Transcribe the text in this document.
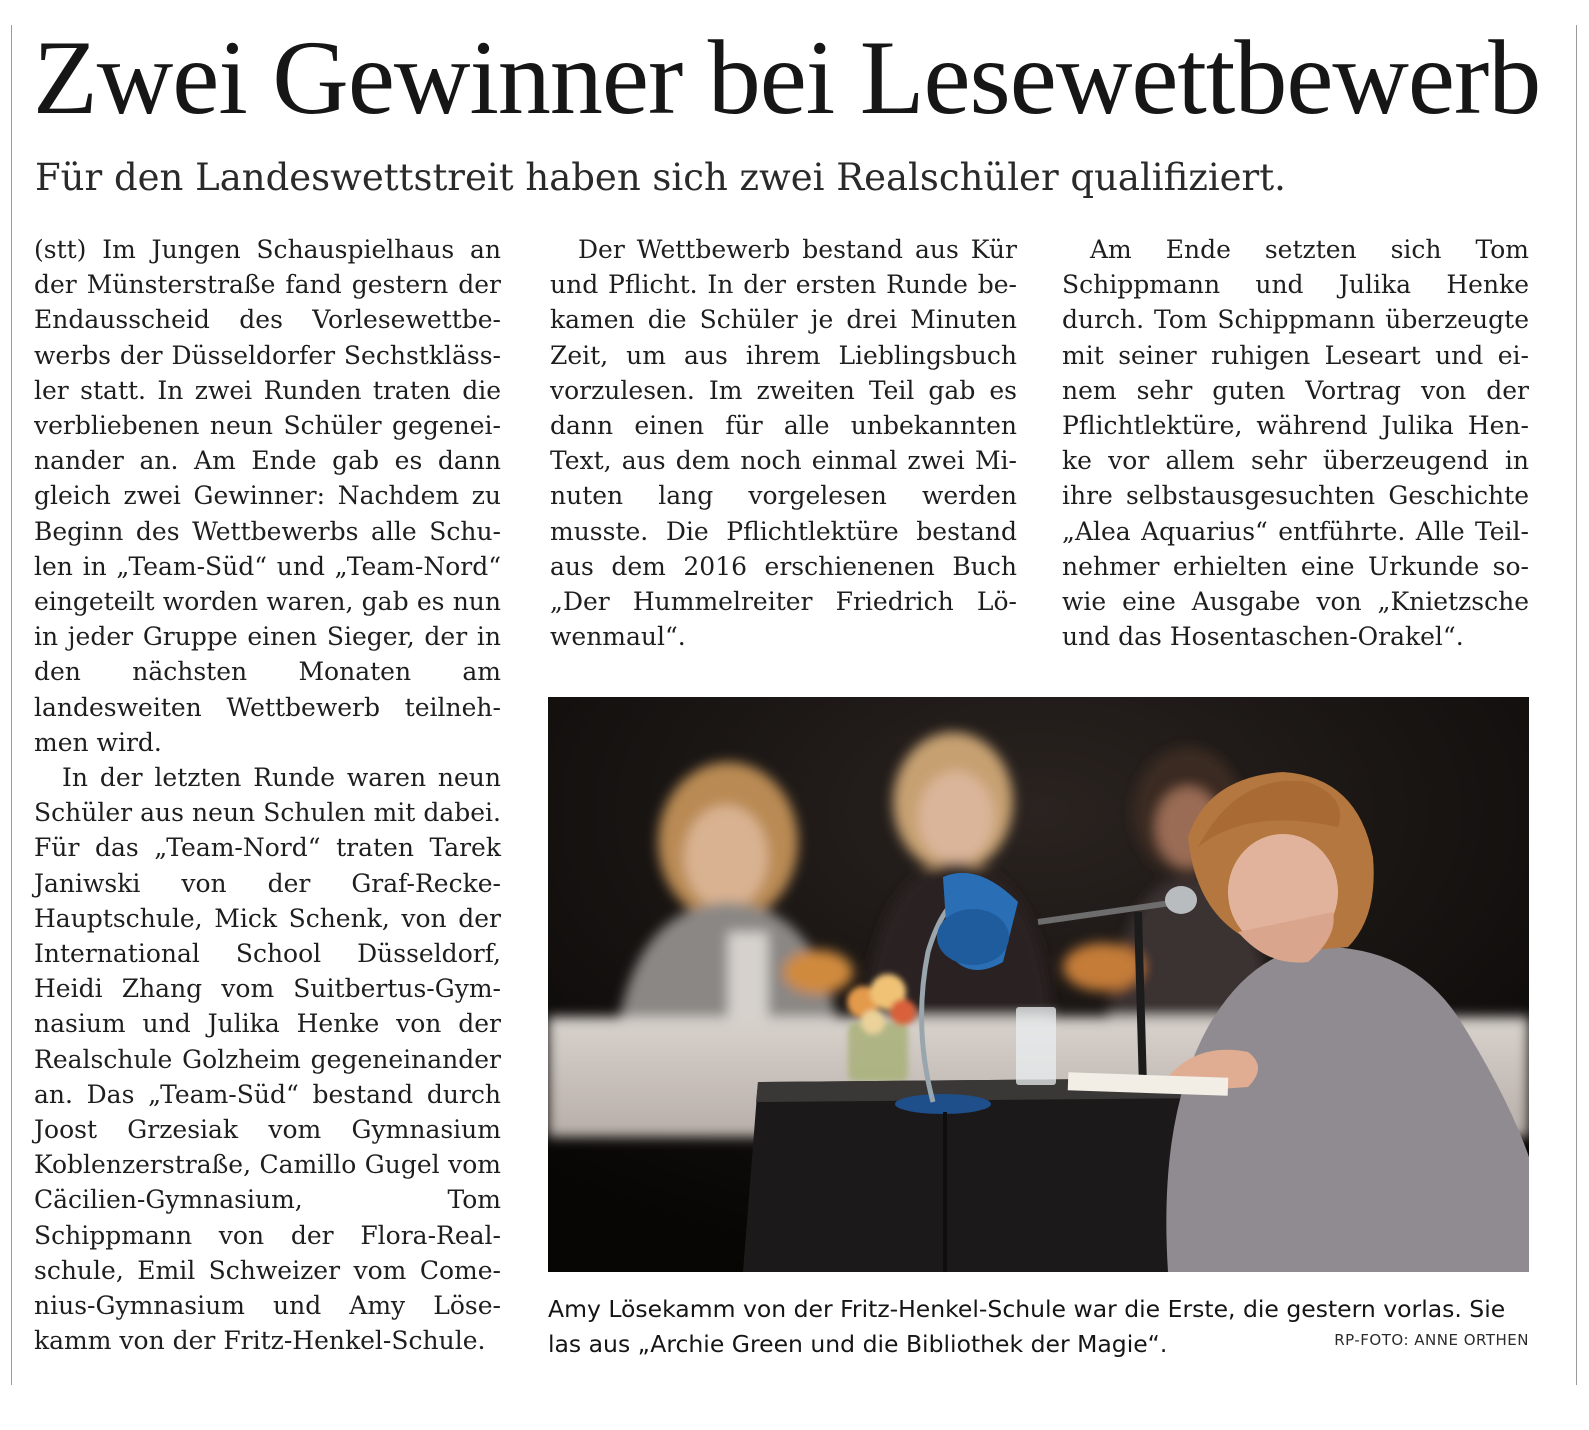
Zwei Gewinner bei Lesewettbewerb
Für den Landeswettstreit haben sich zwei Realschüler qualifiziert.

(stt) Im Jungen Schauspielhaus an der Münsterstraße fand gestern der Endausscheid des Vorlesewettbewerbs der Düsseldorfer Sechstklässler statt. In zwei Runden traten die verbliebenen neun Schüler gegeneinander an. Am Ende gab es dann gleich zwei Gewinner: Nachdem zu Beginn des Wettbewerbs alle Schulen in „Team-Süd“ und „Team-Nord“ eingeteilt worden waren, gab es nun in jeder Gruppe einen Sieger, der in den nächsten Monaten am landesweiten Wettbewerb teilnehmen wird.

In der letzten Runde waren neun Schüler aus neun Schulen mit dabei. Für das „Team-Nord“ traten Tarek Janiwski von der Graf-Recke-Hauptschule, Mick Schenk, von der International School Düsseldorf, Heidi Zhang vom Suitbertus-Gymnasium und Julika Henke von der Realschule Golzheim gegeneinander an. Das „Team-Süd“ bestand durch Joost Grzesiak vom Gymnasium Koblenzerstraße, Camillo Gugel vom Cäcilien-Gymnasium, Tom Schippmann von der Flora-Realschule, Emil Schweizer vom Comenius-Gymnasium und Amy Lösekamm von der Fritz-Henkel-Schule.

Der Wettbewerb bestand aus Kür und Pflicht. In der ersten Runde bekamen die Schüler je drei Minuten Zeit, um aus ihrem Lieblingsbuch vorzulesen. Im zweiten Teil gab es dann einen für alle unbekannten Text, aus dem noch einmal zwei Minuten lang vorgelesen werden musste. Die Pflichtlektüre bestand aus dem 2016 erschienenen Buch „Der Hummelreiter Friedrich Löwenmaul“.

Am Ende setzten sich Tom Schippmann und Julika Henke durch. Tom Schippmann überzeugte mit seiner ruhigen Leseart und einem sehr guten Vortrag von der Pflichtlektüre, während Julika Henke vor allem sehr überzeugend in ihre selbstausgesuchten Geschichte „Alea Aquarius“ entführte. Alle Teilnehmer erhielten eine Urkunde sowie eine Ausgabe von „Knietzsche und das Hosentaschen-Orakel“.

Amy Lösekamm von der Fritz-Henkel-Schule war die Erste, die gestern vorlas. Sie las aus „Archie Green und die Bibliothek der Magie“.	RP-FOTO: ANNE ORTHEN
